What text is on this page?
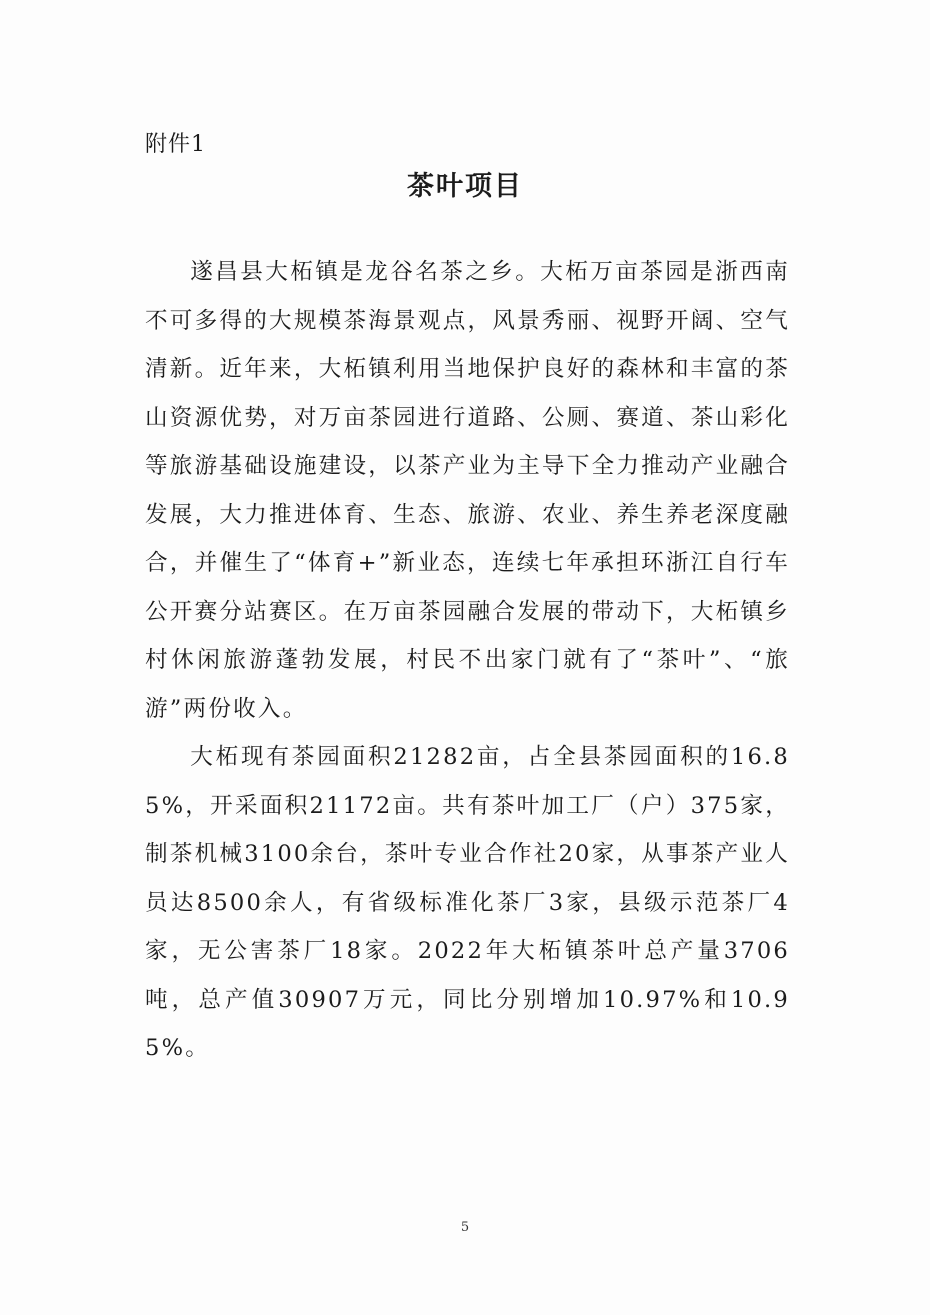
附件1
茶叶项目

遂昌县大柘镇是龙谷名茶之乡。大柘万亩茶园是浙西南不可多得的大规模茶海景观点，风景秀丽、视野开阔、空气清新。近年来，大柘镇利用当地保护良好的森林和丰富的茶山资源优势，对万亩茶园进行道路、公厕、赛道、茶山彩化等旅游基础设施建设，以茶产业为主导下全力推动产业融合发展，大力推进体育、生态、旅游、农业、养生养老深度融合，并催生了“体育+”新业态，连续七年承担环浙江自行车公开赛分站赛区。在万亩茶园融合发展的带动下，大柘镇乡村休闲旅游蓬勃发展，村民不出家门就有了“茶叶”、“旅游”两份收入。

大柘现有茶园面积21282亩，占全县茶园面积的16.85%，开采面积21172亩。共有茶叶加工厂（户）375家，制茶机械3100余台，茶叶专业合作社20家，从事茶产业人员达8500余人，有省级标准化茶厂3家，县级示范茶厂4家，无公害茶厂18家。2022年大柘镇茶叶总产量3706吨，总产值30907万元，同比分别增加10.97%和10.95%。

5
